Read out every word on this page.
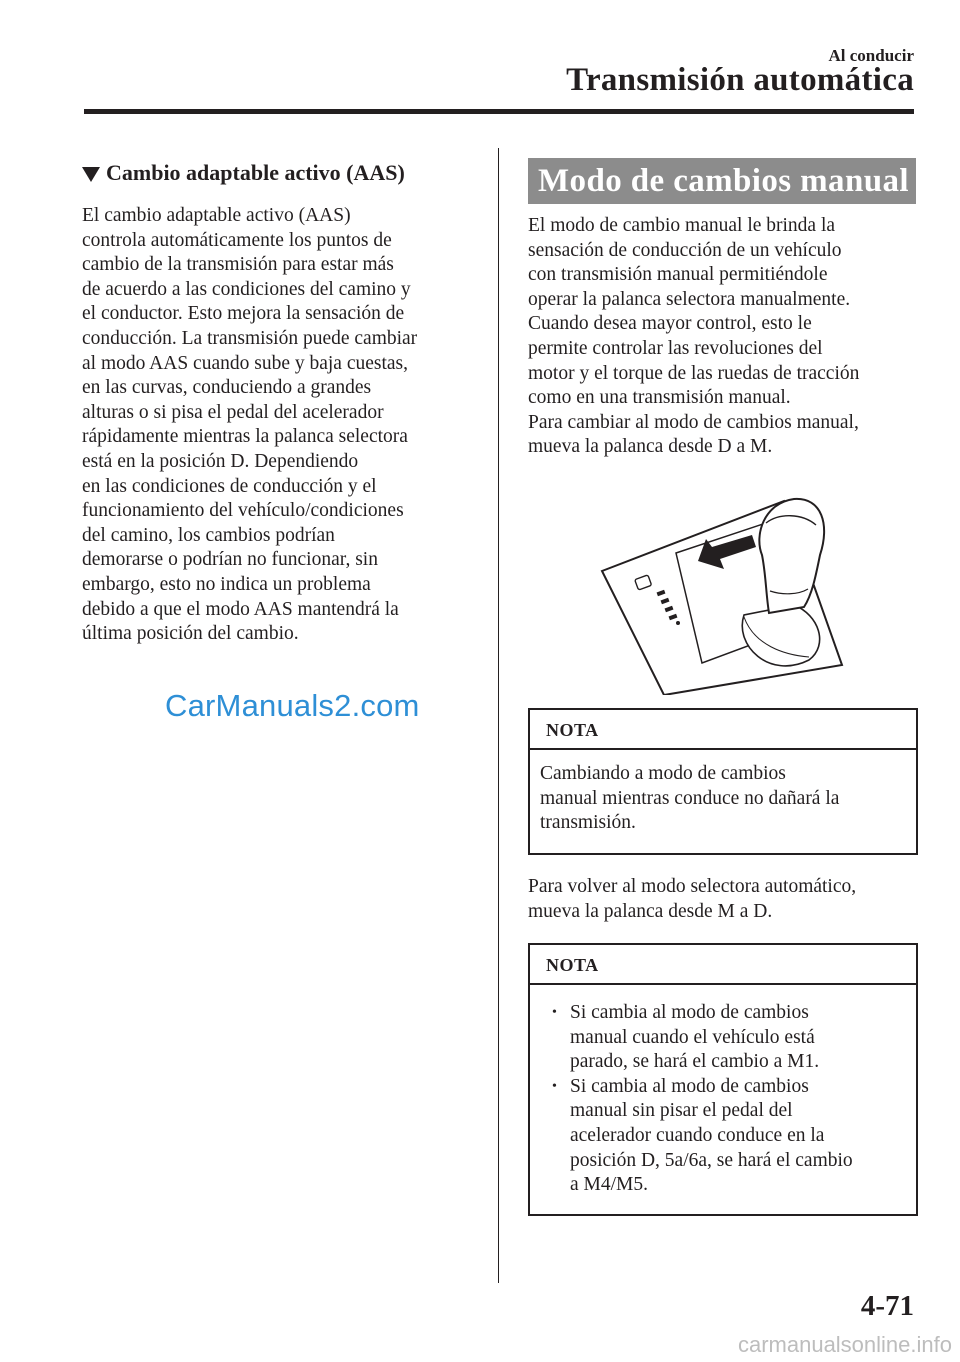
Al conducir
Transmisión automática
Cambio adaptable activo (AAS)

El cambio adaptable activo (AAS)
controla automáticamente los puntos de
cambio de la transmisión para estar más
de acuerdo a las condiciones del camino y
el conductor. Esto mejora la sensación de
conducción. La transmisión puede cambiar
al modo AAS cuando sube y baja cuestas,
en las curvas, conduciendo a grandes
alturas o si pisa el pedal del acelerador
rápidamente mientras la palanca selectora
está en la posición D. Dependiendo
en las condiciones de conducción y el
funcionamiento del vehículo/condiciones
del camino, los cambios podrían
demorarse o podrían no funcionar, sin
embargo, esto no indica un problema
debido a que el modo AAS mantendrá la
última posición del cambio.

Modo de cambios manual

El modo de cambio manual le brinda la
sensación de conducción de un vehículo
con transmisión manual permitiéndole
operar la palanca selectora manualmente.
Cuando desea mayor control, esto le
permite controlar las revoluciones del
motor y el torque de las ruedas de tracción
como en una transmisión manual.
Para cambiar al modo de cambios manual,
mueva la palanca desde D a M.

NOTA

Cambiando a modo de cambios
manual mientras conduce no dañará la
transmisión.

Para volver al modo selectora automático,
mueva la palanca desde M a D.

NOTA
• Si cambia al modo de cambios
manual cuando el vehículo está
parado, se hará el cambio a M1.
• Si cambia al modo de cambios
manual sin pisar el pedal del
acelerador cuando conduce en la
posición D, 5a/6a, se hará el cambio
a M4/M5.
CarManuals2.com
4-71
carmanualsonline.info
